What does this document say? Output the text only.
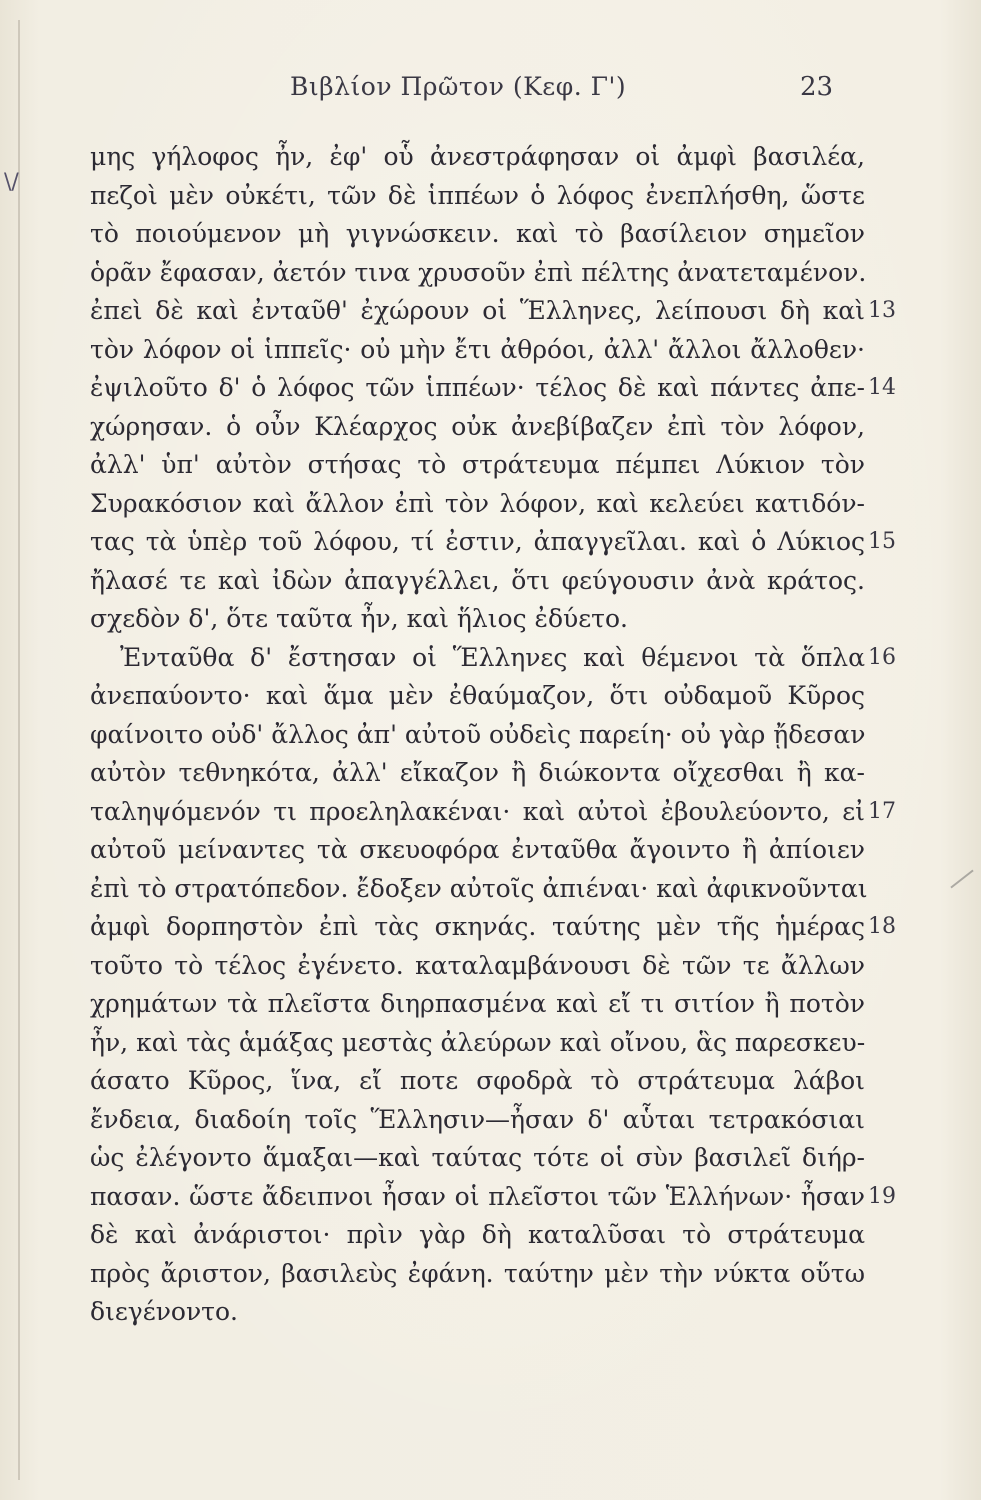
\/
Βιβλίον Πρῶτον (Κεφ. Γ')	23
μης γήλοφος ἦν, ἐφ' οὗ ἀνεστράφησαν οἱ ἀμφὶ βασιλέα,
πεζοὶ μὲν οὐκέτι, τῶν δὲ ἱππέων ὁ λόφος ἐνεπλήσθη, ὥστε
τὸ ποιούμενον μὴ γιγνώσκειν. καὶ τὸ βασίλειον σημεῖον
ὁρᾶν ἔφασαν, ἀετόν τινα χρυσοῦν ἐπὶ πέλτης ἀνατεταμένον.
ἐπεὶ δὲ καὶ ἐνταῦθ' ἐχώρουν οἱ Ἕλληνες, λείπουσι δὴ καὶ
τὸν λόφον οἱ ἱππεῖς· οὐ μὴν ἔτι ἀθρόοι, ἀλλ' ἄλλοι ἄλλοθεν·
ἐψιλοῦτο δ' ὁ λόφος τῶν ἱππέων· τέλος δὲ καὶ πάντες ἀπε-
χώρησαν. ὁ οὖν Κλέαρχος οὐκ ἀνεβίβαζεν ἐπὶ τὸν λόφον,
ἀλλ' ὑπ' αὐτὸν στήσας τὸ στράτευμα πέμπει Λύκιον τὸν
Συρακόσιον καὶ ἄλλον ἐπὶ τὸν λόφον, καὶ κελεύει κατιδόν-
τας τὰ ὑπὲρ τοῦ λόφου, τί ἐστιν, ἀπαγγεῖλαι. καὶ ὁ Λύκιος
ἤλασέ τε καὶ ἰδὼν ἀπαγγέλλει, ὅτι φεύγουσιν ἀνὰ κράτος.
σχεδὸν δ', ὅτε ταῦτα ἦν, καὶ ἥλιος ἐδύετο.
Ἐνταῦθα δ' ἔστησαν οἱ Ἕλληνες καὶ θέμενοι τὰ ὅπλα
ἀνεπαύοντο· καὶ ἅμα μὲν ἐθαύμαζον, ὅτι οὐδαμοῦ Κῦρος
φαίνοιτο οὐδ' ἄλλος ἀπ' αὐτοῦ οὐδεὶς παρείη· οὐ γὰρ ᾔδεσαν
αὐτὸν τεθνηκότα, ἀλλ' εἴκαζον ἢ διώκοντα οἴχεσθαι ἢ κα-
ταληψόμενόν τι προεληλακέναι· καὶ αὐτοὶ ἐβουλεύοντο, εἰ
αὐτοῦ μείναντες τὰ σκευοφόρα ἐνταῦθα ἄγοιντο ἢ ἀπίοιεν
ἐπὶ τὸ στρατόπεδον. ἔδοξεν αὐτοῖς ἀπιέναι· καὶ ἀφικνοῦνται
ἀμφὶ δορπηστὸν ἐπὶ τὰς σκηνάς. ταύτης μὲν τῆς ἡμέρας
τοῦτο τὸ τέλος ἐγένετο. καταλαμβάνουσι δὲ τῶν τε ἄλλων
χρημάτων τὰ πλεῖστα διηρπασμένα καὶ εἴ τι σιτίον ἢ ποτὸν
ἦν, καὶ τὰς ἁμάξας μεστὰς ἀλεύρων καὶ οἴνου, ἃς παρεσκευ-
άσατο Κῦρος, ἵνα, εἴ ποτε σφοδρὰ τὸ στράτευμα λάβοι
ἔνδεια, διαδοίη τοῖς Ἕλλησιν—ἦσαν δ' αὗται τετρακόσιαι
ὡς ἐλέγοντο ἅμαξαι—καὶ ταύτας τότε οἱ σὺν βασιλεῖ διήρ-
πασαν. ὥστε ἄδειπνοι ἦσαν οἱ πλεῖστοι τῶν Ἑλλήνων· ἦσαν
δὲ καὶ ἀνάριστοι· πρὶν γὰρ δὴ καταλῦσαι τὸ στράτευμα
πρὸς ἄριστον, βασιλεὺς ἐφάνη. ταύτην μὲν τὴν νύκτα οὕτω
διεγένοντο.
13
14
15
16
17
18
19
